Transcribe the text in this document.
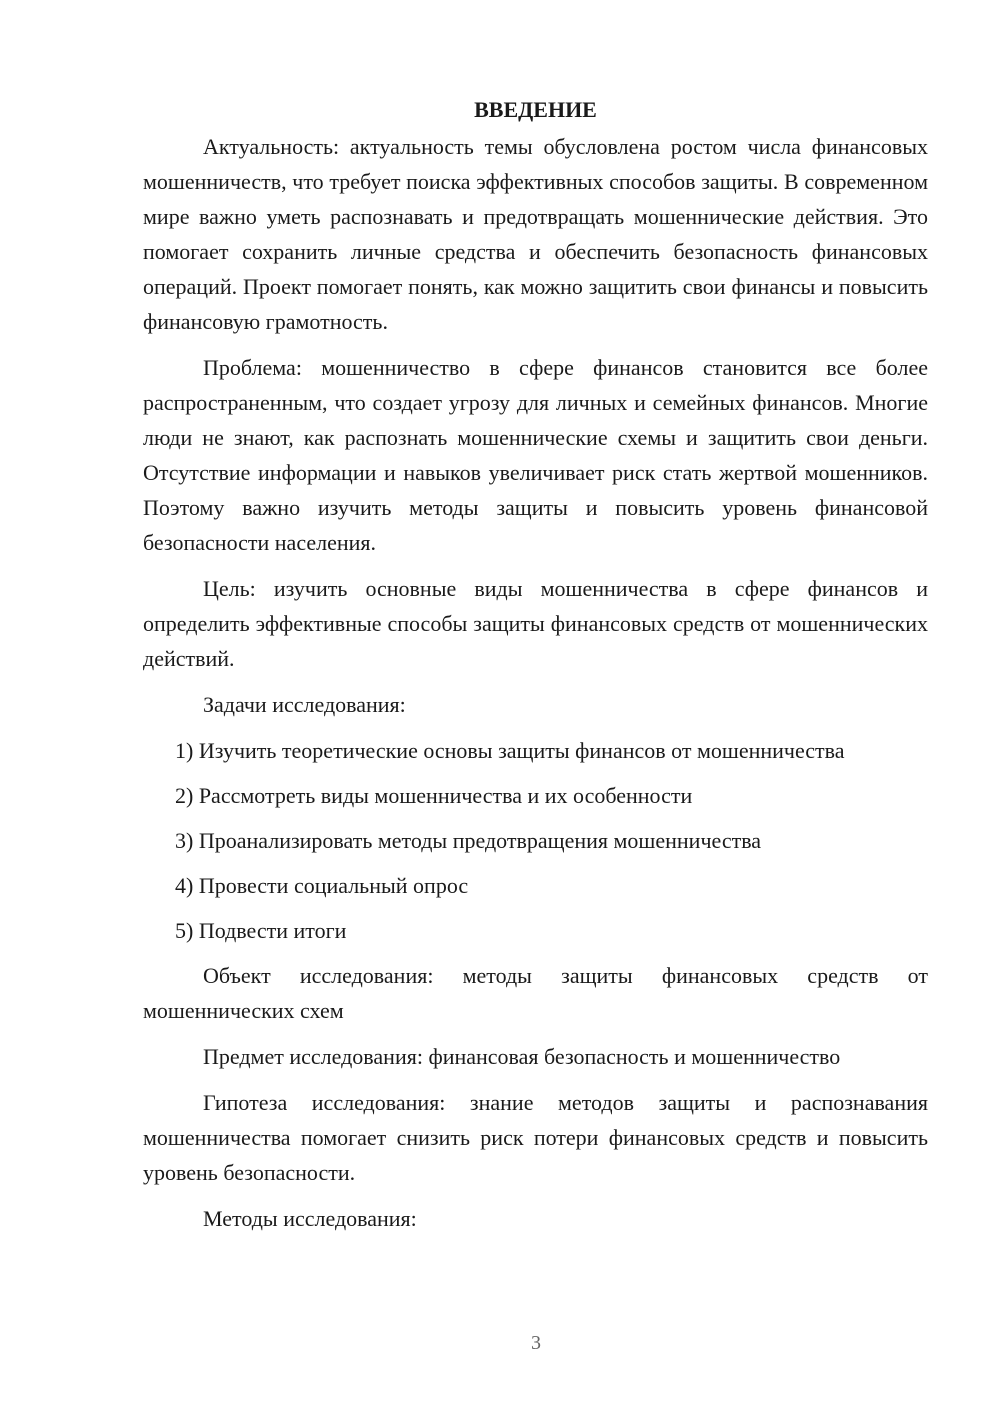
ВВЕДЕНИЕ

Актуальность: актуальность темы обусловлена ростом числа финансовых мошенничеств, что требует поиска эффективных способов защиты. В современном мире важно уметь распознавать и предотвращать мошеннические действия. Это помогает сохранить личные средства и обеспечить безопасность финансовых операций. Проект помогает понять, как можно защитить свои финансы и повысить финансовую грамотность.

Проблема: мошенничество в сфере финансов становится все более распространенным, что создает угрозу для личных и семейных финансов. Многие люди не знают, как распознать мошеннические схемы и защитить свои деньги. Отсутствие информации и навыков увеличивает риск стать жертвой мошенников. Поэтому важно изучить методы защиты и повысить уровень финансовой безопасности населения.

Цель: изучить основные виды мошенничества в сфере финансов и определить эффективные способы защиты финансовых средств от мошеннических действий.

Задачи исследования:

1) Изучить теоретические основы защиты финансов от мошенничества
2) Рассмотреть виды мошенничества и их особенности
3) Проанализировать методы предотвращения мошенничества
4) Провести социальный опрос
5) Подвести итоги

Объект исследования: методы защиты финансовых средств от мошеннических схем

Предмет исследования: финансовая безопасность и мошенничество

Гипотеза исследования: знание методов защиты и распознавания мошенничества помогает снизить риск потери финансовых средств и повысить уровень безопасности.

Методы исследования:

3
